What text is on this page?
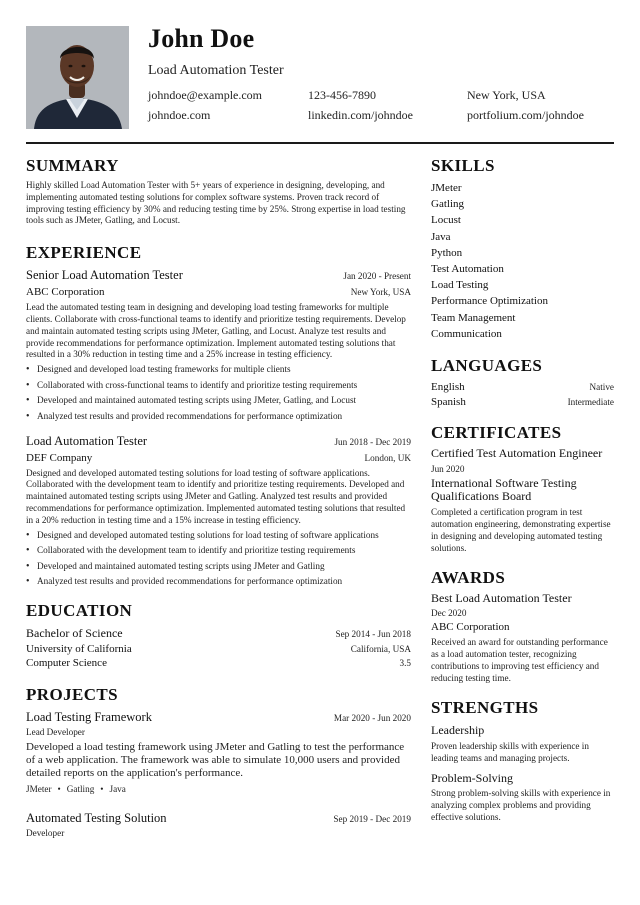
John Doe
Load Automation Tester
johndoe@example.com	123-456-7890	New York, USA
johndoe.com	linkedin.com/johndoe	portfolium.com/johndoe
SUMMARY
Highly skilled Load Automation Tester with 5+ years of experience in designing, developing, and implementing automated testing solutions for complex software systems. Proven track record of improving testing efficiency by 30% and reducing testing time by 25%. Strong expertise in load testing tools such as JMeter, Gatling, and Locust.
EXPERIENCE
Senior Load Automation Tester	Jan 2020 - Present
ABC Corporation	New York, USA
Lead the automated testing team in designing and developing load testing frameworks for multiple clients. Collaborate with cross-functional teams to identify and prioritize testing requirements. Develop and maintain automated testing scripts using JMeter, Gatling, and Locust. Analyze test results and provide recommendations for performance optimization. Implement automated testing solutions that resulted in a 30% reduction in testing time and a 25% increase in testing efficiency.
• Designed and developed load testing frameworks for multiple clients
• Collaborated with cross-functional teams to identify and prioritize testing requirements
• Developed and maintained automated testing scripts using JMeter, Gatling, and Locust
• Analyzed test results and provided recommendations for performance optimization
Load Automation Tester	Jun 2018 - Dec 2019
DEF Company	London, UK
Designed and developed automated testing solutions for load testing of software applications. Collaborated with the development team to identify and prioritize testing requirements. Developed and maintained automated testing scripts using JMeter and Gatling. Analyzed test results and provided recommendations for performance optimization. Implemented automated testing solutions that resulted in a 20% reduction in testing time and a 15% increase in testing efficiency.
• Designed and developed automated testing solutions for load testing of software applications
• Collaborated with the development team to identify and prioritize testing requirements
• Developed and maintained automated testing scripts using JMeter and Gatling
• Analyzed test results and provided recommendations for performance optimization
EDUCATION
Bachelor of Science	Sep 2014 - Jun 2018
University of California	California, USA
Computer Science	3.5
PROJECTS
Load Testing Framework	Mar 2020 - Jun 2020
Lead Developer
Developed a load testing framework using JMeter and Gatling to test the performance of a web application. The framework was able to simulate 10,000 users and provided detailed reports on the application's performance.
JMeter • Gatling • Java
Automated Testing Solution	Sep 2019 - Dec 2019
Developer
SKILLS
JMeter
Gatling
Locust
Java
Python
Test Automation
Load Testing
Performance Optimization
Team Management
Communication
LANGUAGES
English	Native
Spanish	Intermediate
CERTIFICATES
Certified Test Automation Engineer
Jun 2020
International Software Testing Qualifications Board
Completed a certification program in test automation engineering, demonstrating expertise in designing and developing automated testing solutions.
AWARDS
Best Load Automation Tester
Dec 2020
ABC Corporation
Received an award for outstanding performance as a load automation tester, recognizing contributions to improving test efficiency and reducing testing time.
STRENGTHS
Leadership
Proven leadership skills with experience in leading teams and managing projects.
Problem-Solving
Strong problem-solving skills with experience in analyzing complex problems and providing effective solutions.
